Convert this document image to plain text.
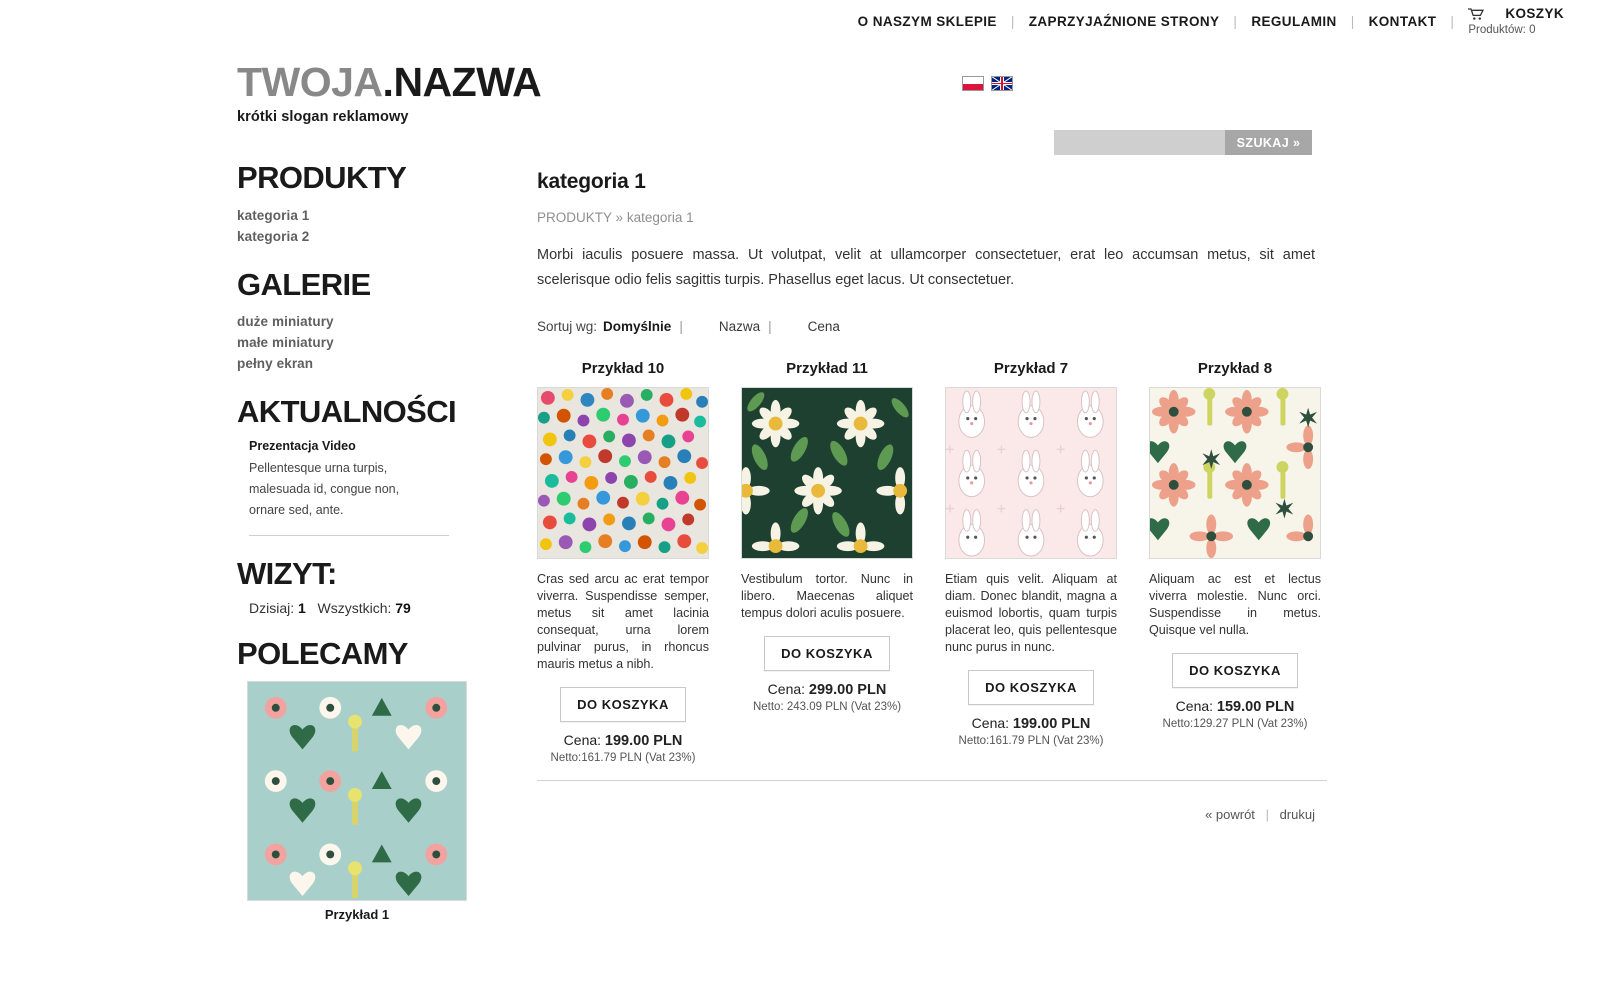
O NASZYM SKLEPIE	|	ZAPRZYJAŹNIONE STRONY	|	REGULAMIN	|	KONTAKT	|	KOSZYK
Produktów: 0
TWOJA.NAZWA
krótki slogan reklamowy
SZUKAJ »
PRODUKTY
kategoria 1
kategoria 2
GALERIE
duże miniatury
małe miniatury
pełny ekran
AKTUALNOŚCI
Prezentacja Video
Pellentesque urna turpis, malesuada id, congue non, ornare sed, ante.
WIZYT:
Dzisiaj: 1 Wszystkich: 79
POLECAMY
Przykład 1
kategoria 1
PRODUKTY » kategoria 1
Morbi iaculis posuere massa. Ut volutpat, velit at ullamcorper consectetuer, erat leo accumsan metus, sit amet scelerisque odio felis sagittis turpis. Phasellus eget lacus. Ut consectetuer.
Sortuj wg: Domyślnie |	Nazwa |	Cena
Przykład 10
Cras sed arcu ac erat tempor viverra. Suspendisse semper, metus sit amet lacinia consequat, urna lorem pulvinar purus, in rhoncus mauris metus a nibh.
DO KOSZYKA
Cena: 199.00 PLN
Netto:161.79 PLN (Vat 23%)
Przykład 11
Vestibulum tortor. Nunc in libero. Maecenas aliquet tempus dolori aculis posuere.
DO KOSZYKA
Cena: 299.00 PLN
Netto: 243.09 PLN (Vat 23%)
Przykład 7
Etiam quis velit. Aliquam at diam. Donec blandit, magna a euismod lobortis, quam turpis placerat leo, quis pellentesque nunc purus in nunc.
DO KOSZYKA
Cena: 199.00 PLN
Netto:161.79 PLN (Vat 23%)
Przykład 8
Aliquam ac est et lectus viverra molestie. Nunc orci. Suspendisse in metus. Quisque vel nulla.
DO KOSZYKA
Cena: 159.00 PLN
Netto:129.27 PLN (Vat 23%)
« powrót | drukuj
